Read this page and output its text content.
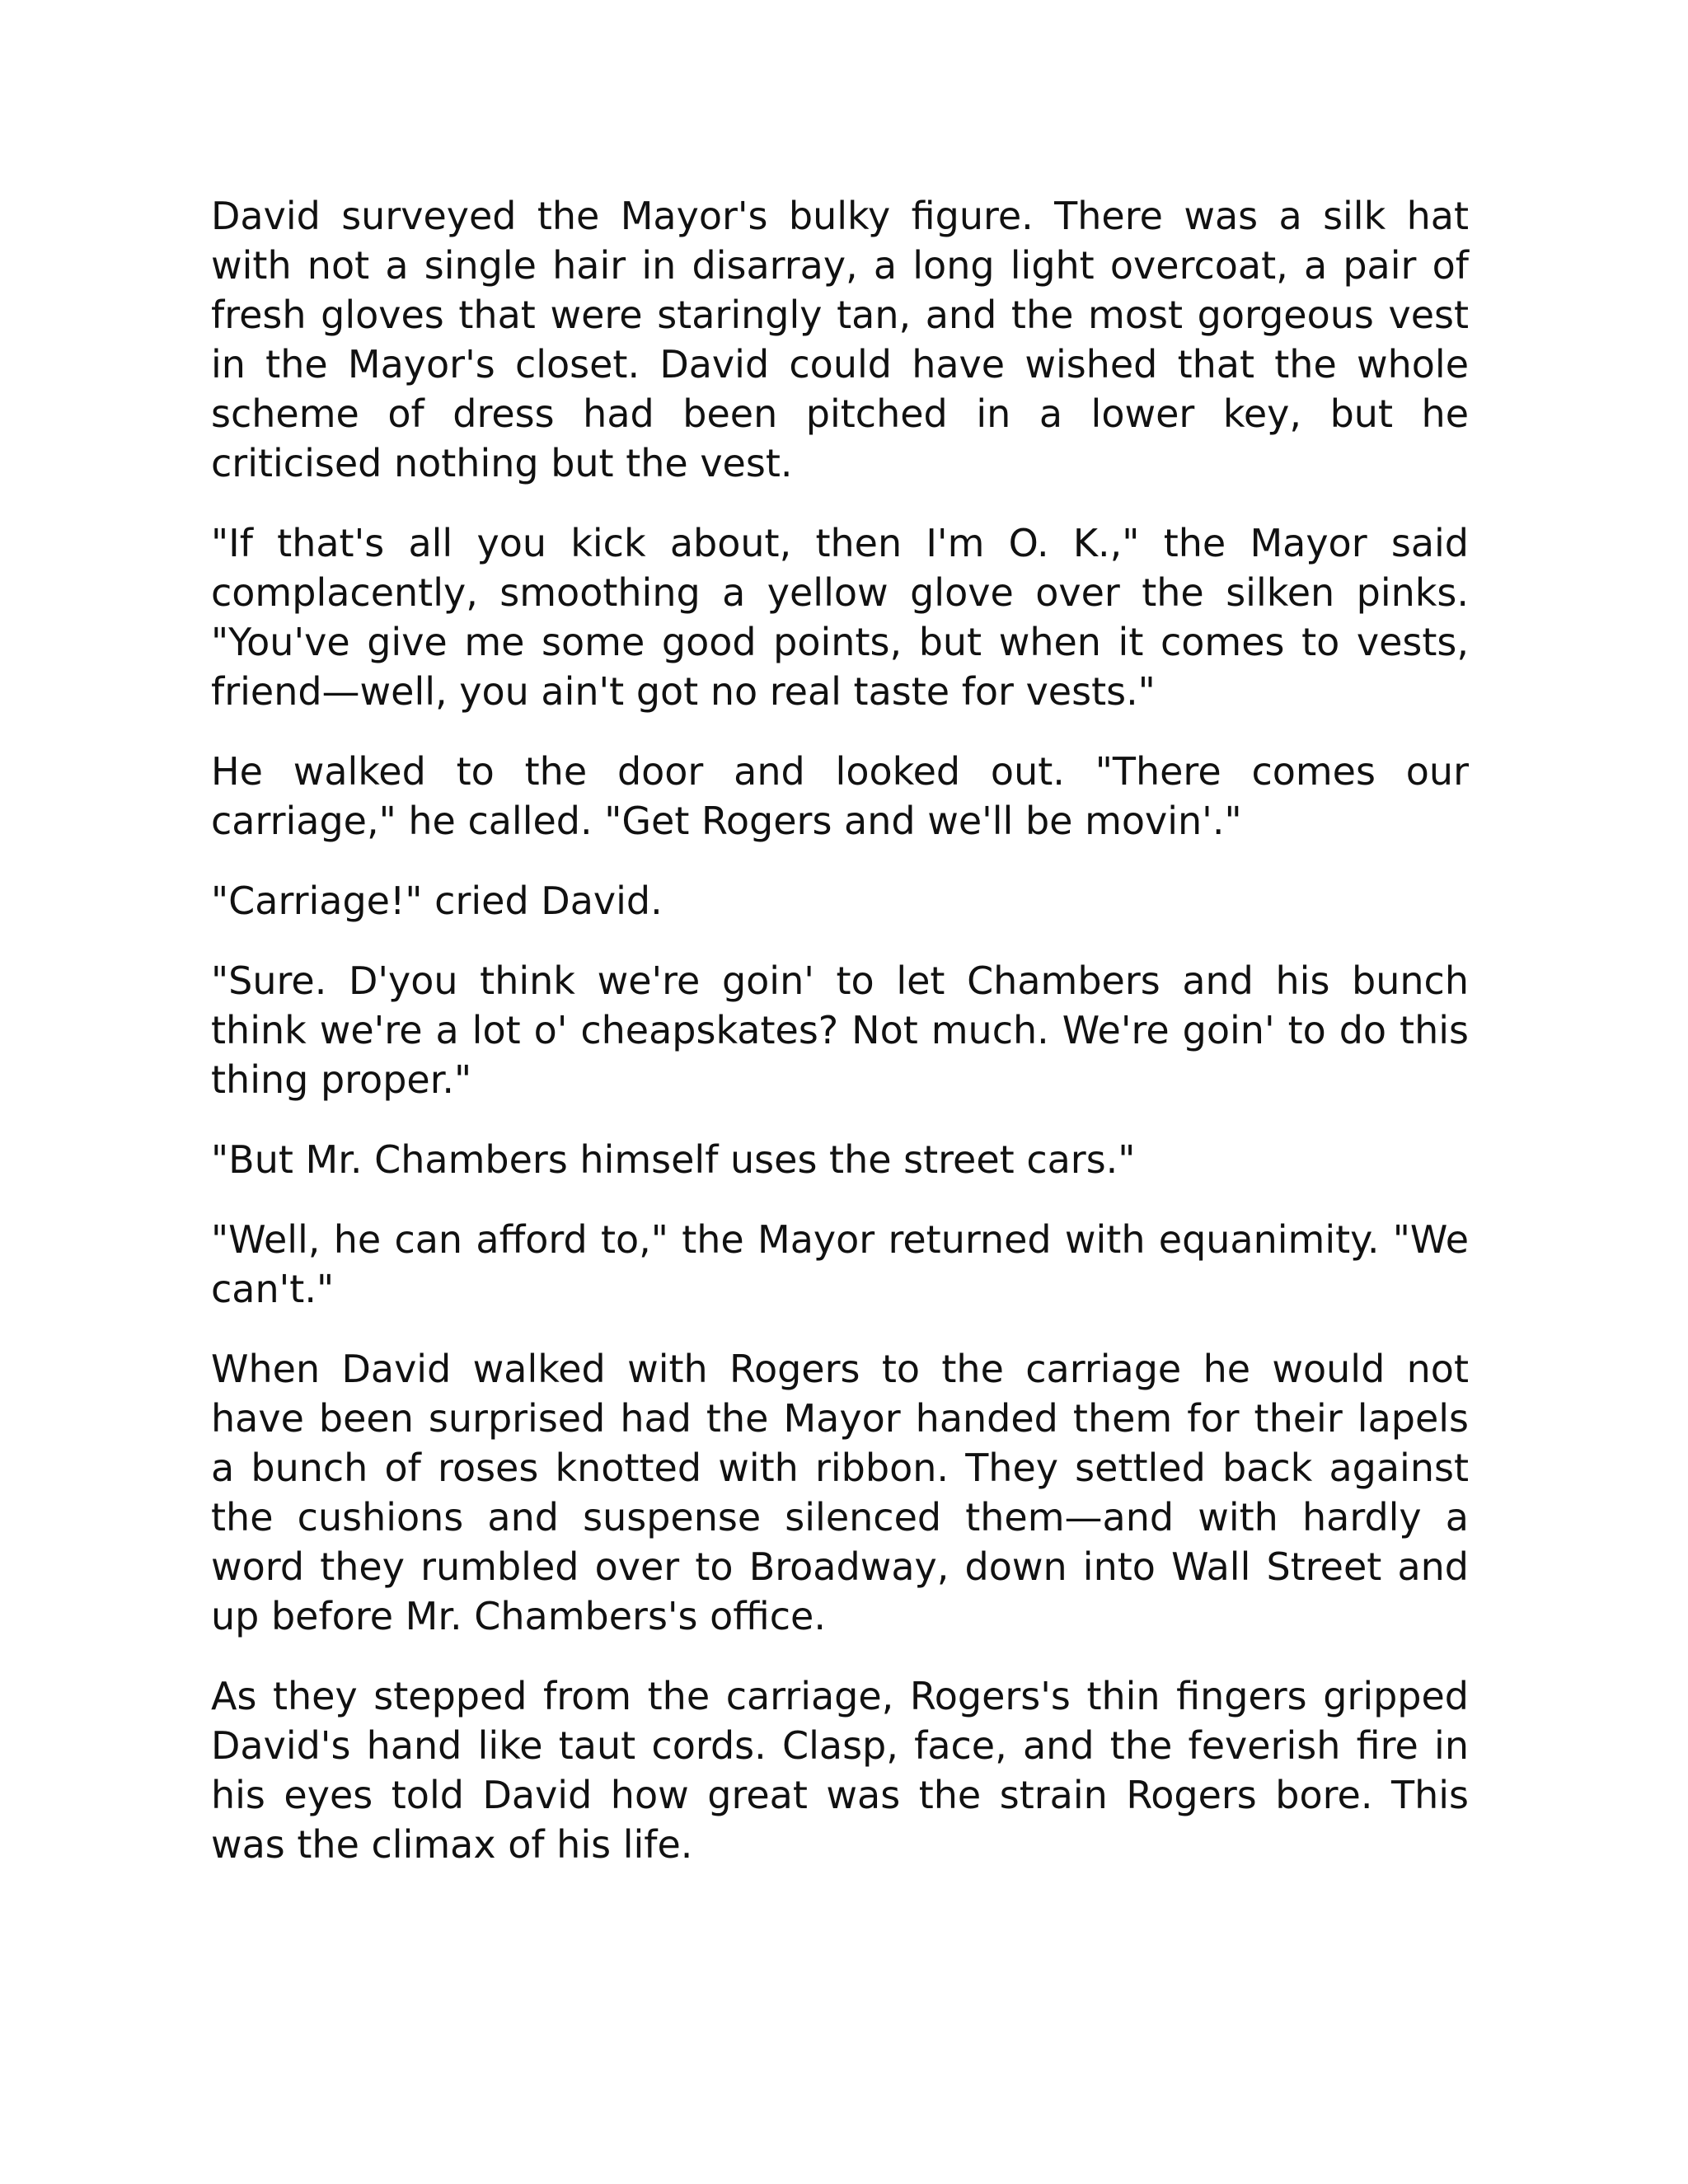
David surveyed the Mayor's bulky figure. There was a silk hat with not a single hair in disarray, a long light overcoat, a pair of fresh gloves that were staringly tan, and the most gorgeous vest in the Mayor's closet. David could have wished that the whole scheme of dress had been pitched in a lower key, but he criticised nothing but the vest.

"If that's all you kick about, then I'm O. K.," the Mayor said complacently, smoothing a yellow glove over the silken pinks. "You've give me some good points, but when it comes to vests, friend—well, you ain't got no real taste for vests."

He walked to the door and looked out. "There comes our carriage," he called. "Get Rogers and we'll be movin'."

"Carriage!" cried David.

"Sure. D'you think we're goin' to let Chambers and his bunch think we're a lot o' cheapskates? Not much. We're goin' to do this thing proper."

"But Mr. Chambers himself uses the street cars."

"Well, he can afford to," the Mayor returned with equanimity. "We can't."

When David walked with Rogers to the carriage he would not have been surprised had the Mayor handed them for their lapels a bunch of roses knotted with ribbon. They settled back against the cushions and suspense silenced them—and with hardly a word they rumbled over to Broadway, down into Wall Street and up before Mr. Chambers's office.

As they stepped from the carriage, Rogers's thin fingers gripped David's hand like taut cords. Clasp, face, and the feverish fire in his eyes told David how great was the strain Rogers bore. This was the climax of his life.
